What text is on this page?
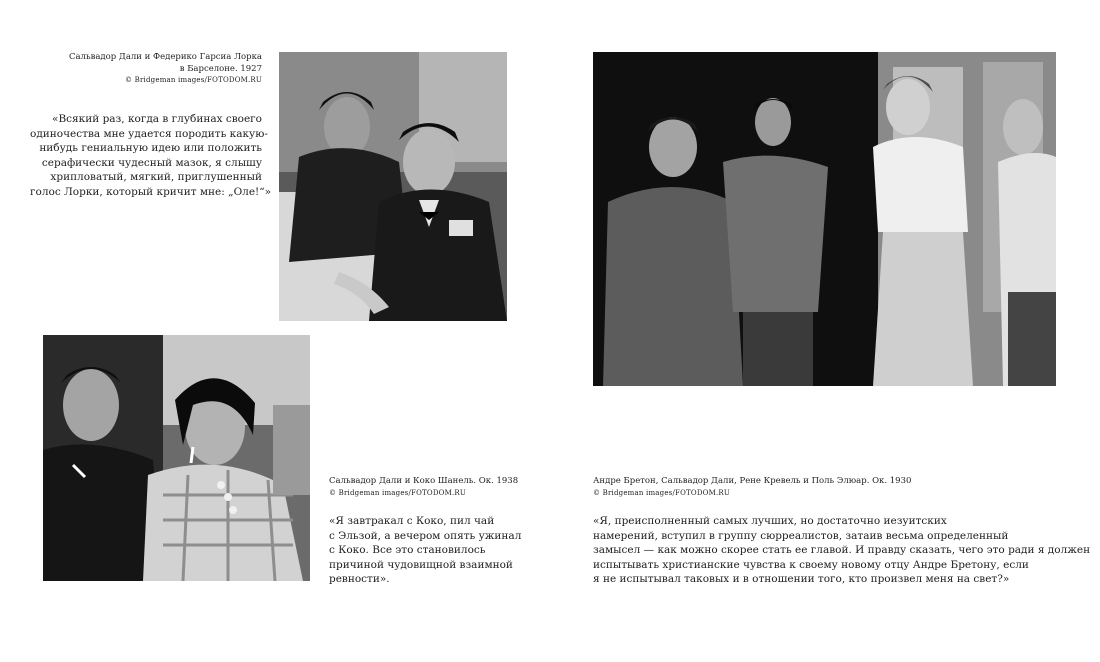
Сальвадор Дали и Федерико Гарсиа Лорка
в Барселоне. 1927
© Bridgeman images/FOTODOM.RU
«Всякий раз, когда в глубинах своего
одиночества мне удается породить какую-
нибудь гениальную идею или положить
серафически чудесный мазок, я слышу
хрипловатый, мягкий, приглушенный
голос Лорки, который кричит мне: „Оле!“»
Сальвадор Дали и Коко Шанель. Ок. 1938
© Bridgeman images/FOTODOM.RU
«Я завтракал с Коко, пил чай
с Эльзой, а вечером опять ужинал
с Коко. Все это становилось
причиной чудовищной взаимной
ревности».
Андре Бретон, Сальвадор Дали, Рене Кревель и Поль Элюар. Ок. 1930
© Bridgeman images/FOTODOM.RU
«Я, преисполненный самых лучших, но достаточно иезуитских
намерений, вступил в группу сюрреалистов, затаив весьма определенный
замысел — как можно скорее стать ее главой. И правду сказать, чего это ради я должен
испытывать христианские чувства к своему новому отцу Андре Бретону, если
я не испытывал таковых и в отношении того, кто произвел меня на свет?»
